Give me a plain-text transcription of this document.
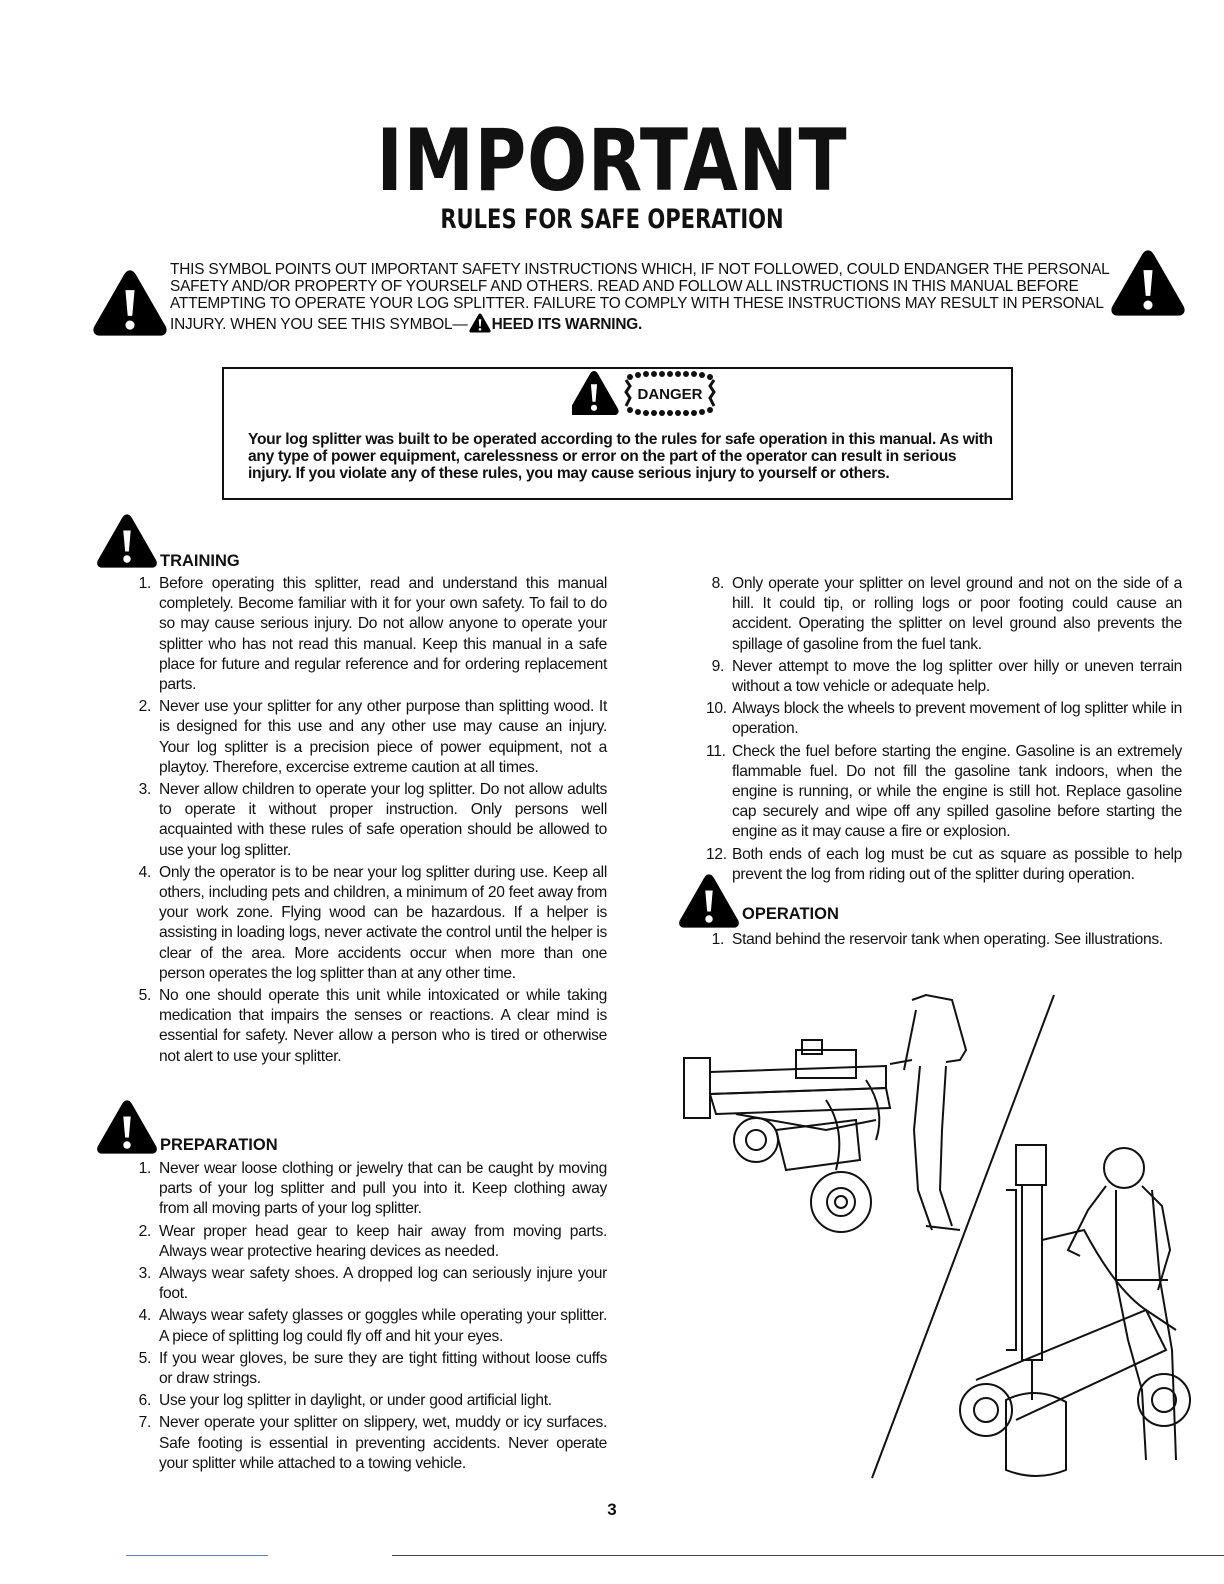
IMPORTANT
RULES FOR SAFE OPERATION
THIS SYMBOL POINTS OUT IMPORTANT SAFETY INSTRUCTIONS WHICH, IF NOT FOLLOWED, COULD ENDANGER THE PERSONAL SAFETY AND/OR PROPERTY OF YOURSELF AND OTHERS. READ AND FOLLOW ALL INSTRUCTIONS IN THIS MANUAL BEFORE ATTEMPTING TO OPERATE YOUR LOG SPLITTER. FAILURE TO COMPLY WITH THESE INSTRUCTIONS MAY RESULT IN PERSONAL INJURY. WHEN YOU SEE THIS SYMBOL— HEED ITS WARNING.
DANGER
Your log splitter was built to be operated according to the rules for safe operation in this manual. As with any type of power equipment, carelessness or error on the part of the operator can result in serious injury. If you violate any of these rules, you may cause serious injury to yourself or others.
TRAINING
1. Before operating this splitter, read and understand this manual completely. Become familiar with it for your own safety. To fail to do so may cause serious injury. Do not allow anyone to operate your splitter who has not read this manual. Keep this manual in a safe place for future and regular reference and for ordering replacement parts.
2. Never use your splitter for any other purpose than splitting wood. It is designed for this use and any other use may cause an injury. Your log splitter is a precision piece of power equipment, not a playtoy. Therefore, excercise extreme caution at all times.
3. Never allow children to operate your log splitter. Do not allow adults to operate it without proper instruction. Only persons well acquainted with these rules of safe operation should be allowed to use your log splitter.
4. Only the operator is to be near your log splitter during use. Keep all others, including pets and children, a minimum of 20 feet away from your work zone. Flying wood can be hazardous. If a helper is assisting in loading logs, never activate the control until the helper is clear of the area. More accidents occur when more than one person operates the log splitter than at any other time.
5. No one should operate this unit while intoxicated or while taking medication that impairs the senses or reactions. A clear mind is essential for safety. Never allow a person who is tired or otherwise not alert to use your splitter.
PREPARATION
1. Never wear loose clothing or jewelry that can be caught by moving parts of your log splitter and pull you into it. Keep clothing away from all moving parts of your log splitter.
2. Wear proper head gear to keep hair away from moving parts. Always wear protective hearing devices as needed.
3. Always wear safety shoes. A dropped log can seriously injure your foot.
4. Always wear safety glasses or goggles while operating your splitter. A piece of splitting log could fly off and hit your eyes.
5. If you wear gloves, be sure they are tight fitting without loose cuffs or draw strings.
6. Use your log splitter in daylight, or under good artificial light.
7. Never operate your splitter on slippery, wet, muddy or icy surfaces. Safe footing is essential in preventing accidents. Never operate your splitter while attached to a towing vehicle.
8. Only operate your splitter on level ground and not on the side of a hill. It could tip, or rolling logs or poor footing could cause an accident. Operating the splitter on level ground also prevents the spillage of gasoline from the fuel tank.
9. Never attempt to move the log splitter over hilly or uneven terrain without a tow vehicle or adequate help.
10. Always block the wheels to prevent movement of log splitter while in operation.
11. Check the fuel before starting the engine. Gasoline is an extremely flammable fuel. Do not fill the gasoline tank indoors, when the engine is running, or while the engine is still hot. Replace gasoline cap securely and wipe off any spilled gasoline before starting the engine as it may cause a fire or explosion.
12. Both ends of each log must be cut as square as possible to help prevent the log from riding out of the splitter during operation.
OPERATION
1. Stand behind the reservoir tank when operating. See illustrations.
3
